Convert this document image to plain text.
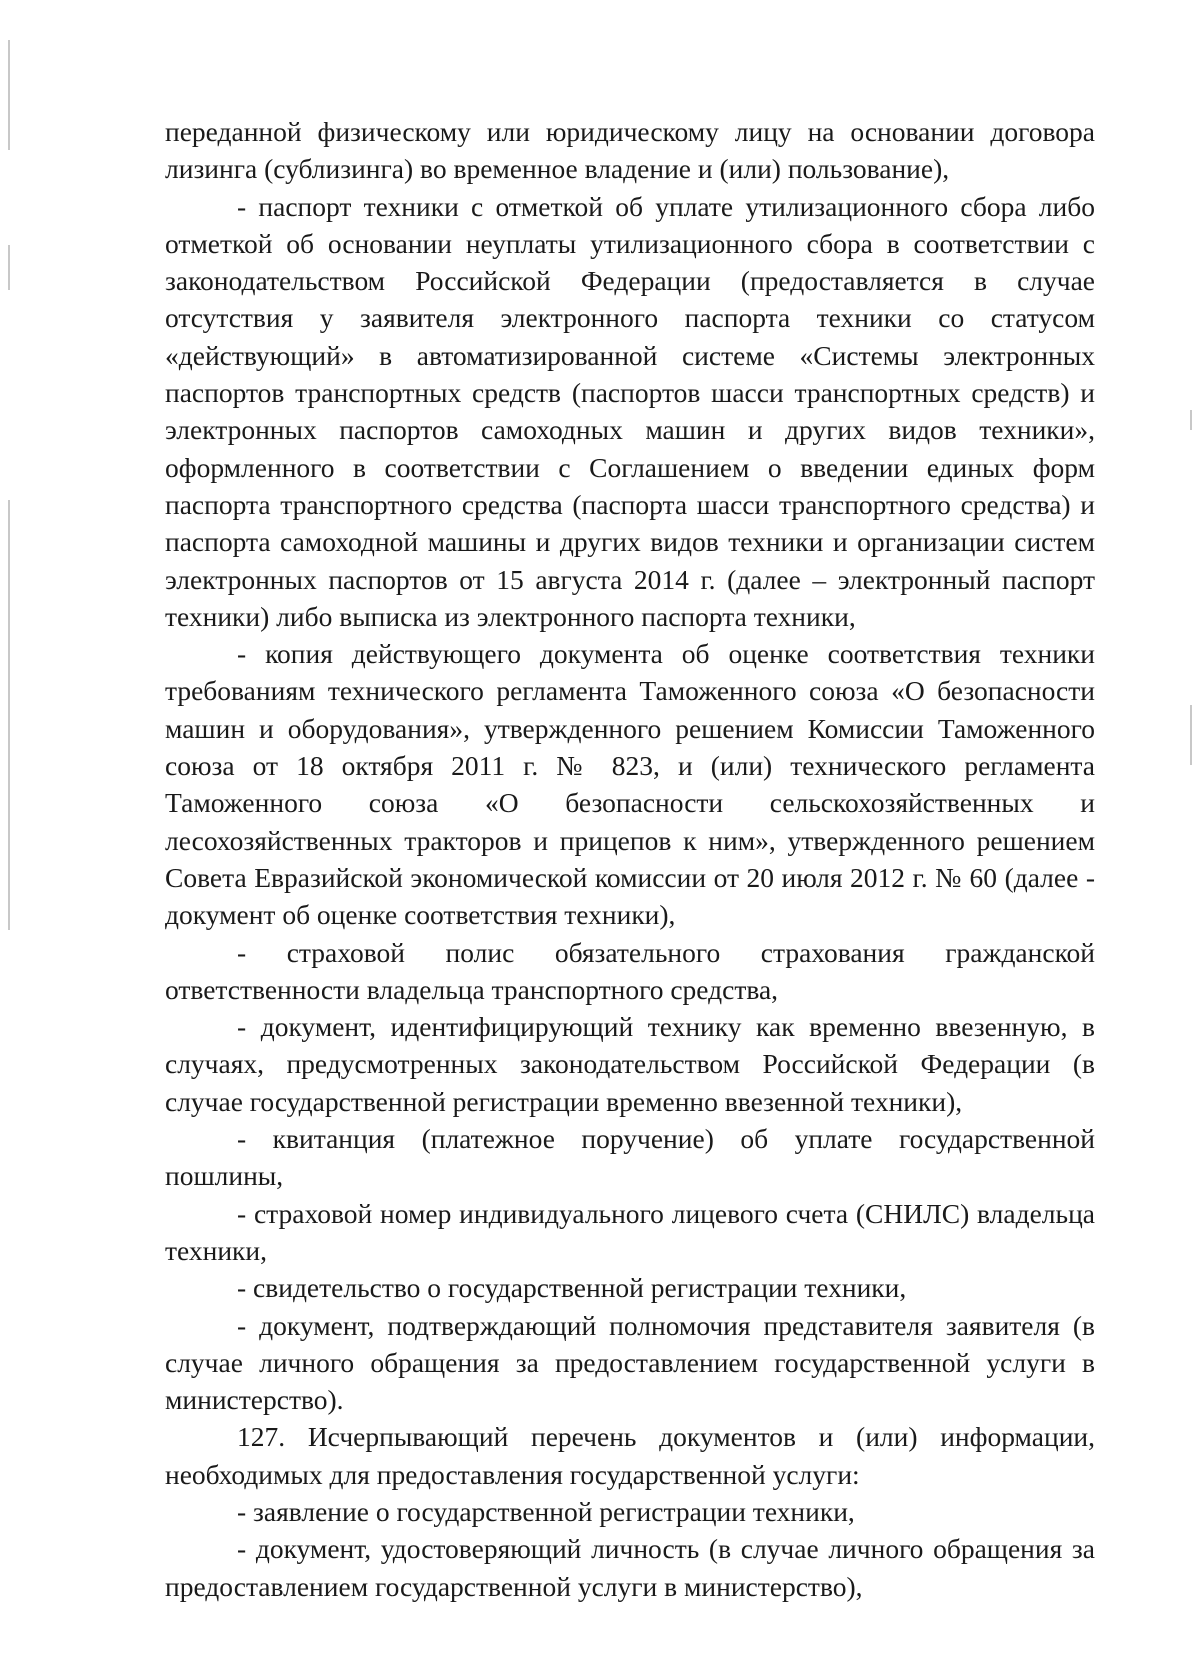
переданной физическому или юридическому лицу на основании договора лизинга (сублизинга) во временное владение и (или) пользование),

- паспорт техники с отметкой об уплате утилизационного сбора либо отметкой об основании неуплаты утилизационного сбора в соответствии с законодательством Российской Федерации (предоставляется в случае отсутствия у заявителя электронного паспорта техники со статусом «действующий» в автоматизированной системе «Системы электронных паспортов транспортных средств (паспортов шасси транспортных средств) и электронных паспортов самоходных машин и других видов техники», оформленного в соответствии с Соглашением о введении единых форм паспорта транспортного средства (паспорта шасси транспортного средства) и паспорта самоходной машины и других видов техники и организации систем электронных паспортов от 15 августа 2014 г. (далее – электронный паспорт техники) либо выписка из электронного паспорта техники,

- копия действующего документа об оценке соответствия техники требованиям технического регламента Таможенного союза «О безопасности машин и оборудования», утвержденного решением Комиссии Таможенного союза от 18 октября 2011 г. № 823, и (или) технического регламента Таможенного союза «О безопасности сельскохозяйственных и лесохозяйственных тракторов и прицепов к ним», утвержденного решением Совета Евразийской экономической комиссии от 20 июля 2012 г. № 60 (далее - документ об оценке соответствия техники),

- страховой полис обязательного страхования гражданской ответственности владельца транспортного средства,

- документ, идентифицирующий технику как временно ввезенную, в случаях, предусмотренных законодательством Российской Федерации (в случае государственной регистрации временно ввезенной техники),

- квитанция (платежное поручение) об уплате государственной пошлины,

- страховой номер индивидуального лицевого счета (СНИЛС) владельца техники,

- свидетельство о государственной регистрации техники,

- документ, подтверждающий полномочия представителя заявителя (в случае личного обращения за предоставлением государственной услуги в министерство).

127. Исчерпывающий перечень документов и (или) информации, необходимых для предоставления государственной услуги:

- заявление о государственной регистрации техники,

- документ, удостоверяющий личность (в случае личного обращения за предоставлением государственной услуги в министерство),
